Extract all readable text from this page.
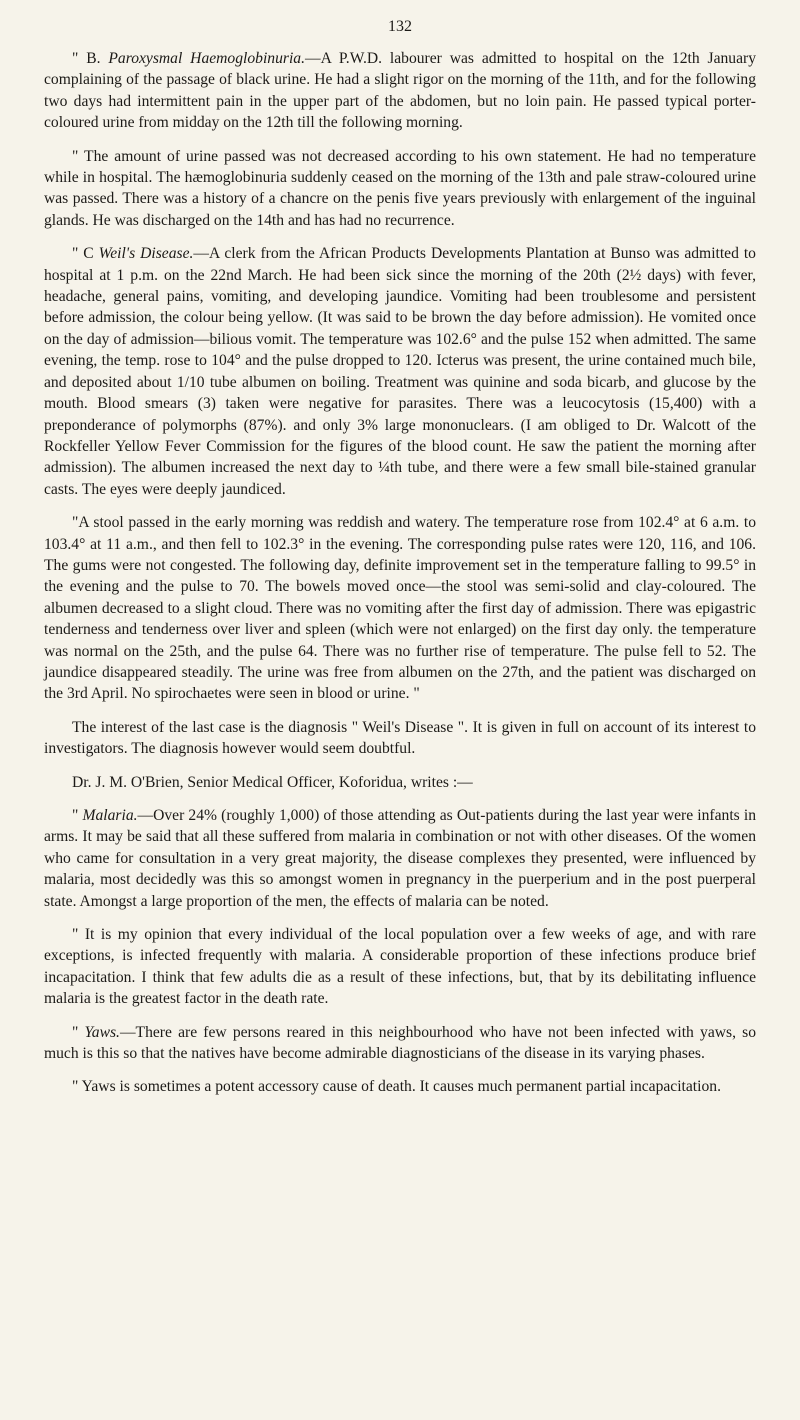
132

" B. Paroxysmal Haemoglobinuria.—A P.W.D. labourer was admitted to hospital on the 12th January complaining of the passage of black urine. He had a slight rigor on the morning of the 11th, and for the following two days had intermittent pain in the upper part of the abdomen, but no loin pain. He passed typical porter-coloured urine from midday on the 12th till the following morning.

" The amount of urine passed was not decreased according to his own statement. He had no temperature while in hospital. The hæmoglobinuria suddenly ceased on the morning of the 13th and pale straw-coloured urine was passed. There was a history of a chancre on the penis five years previously with enlargement of the inguinal glands. He was discharged on the 14th and has had no recurrence.

" C Weil's Disease.—A clerk from the African Products Developments Plantation at Bunso was admitted to hospital at 1 p.m. on the 22nd March. He had been sick since the morning of the 20th (2½ days) with fever, headache, general pains, vomiting, and developing jaundice. Vomiting had been troublesome and persistent before admission, the colour being yellow. (It was said to be brown the day before admission). He vomited once on the day of admission—bilious vomit. The temperature was 102.6° and the pulse 152 when admitted. The same evening, the temp. rose to 104° and the pulse dropped to 120. Icterus was present, the urine contained much bile, and deposited about 1/10 tube albumen on boiling. Treatment was quinine and soda bicarb, and glucose by the mouth. Blood smears (3) taken were negative for parasites. There was a leucocytosis (15,400) with a preponderance of polymorphs (87%). and only 3% large mononuclears. (I am obliged to Dr. Walcott of the Rockfeller Yellow Fever Commission for the figures of the blood count. He saw the patient the morning after admission). The albumen increased the next day to ¼th tube, and there were a few small bile-stained granular casts. The eyes were deeply jaundiced.

"A stool passed in the early morning was reddish and watery. The temperature rose from 102.4° at 6 a.m. to 103.4° at 11 a.m., and then fell to 102.3° in the evening. The corresponding pulse rates were 120, 116, and 106. The gums were not congested. The following day, definite improvement set in the temperature falling to 99.5° in the evening and the pulse to 70. The bowels moved once—the stool was semi-solid and clay-coloured. The albumen decreased to a slight cloud. There was no vomiting after the first day of admission. There was epigastric tenderness and tenderness over liver and spleen (which were not enlarged) on the first day only. the temperature was normal on the 25th, and the pulse 64. There was no further rise of temperature. The pulse fell to 52. The jaundice disappeared steadily. The urine was free from albumen on the 27th, and the patient was discharged on the 3rd April. No spirochaetes were seen in blood or urine. "

The interest of the last case is the diagnosis " Weil's Disease ". It is given in full on account of its interest to investigators. The diagnosis however would seem doubtful.

Dr. J. M. O'Brien, Senior Medical Officer, Koforidua, writes :—

" Malaria.—Over 24% (roughly 1,000) of those attending as Out-patients during the last year were infants in arms. It may be said that all these suffered from malaria in combination or not with other diseases. Of the women who came for consultation in a very great majority, the disease complexes they presented, were influenced by malaria, most decidedly was this so amongst women in pregnancy in the puerperium and in the post puerperal state. Amongst a large proportion of the men, the effects of malaria can be noted.

" It is my opinion that every individual of the local population over a few weeks of age, and with rare exceptions, is infected frequently with malaria. A considerable proportion of these infections produce brief incapacitation. I think that few adults die as a result of these infections, but, that by its debilitating influence malaria is the greatest factor in the death rate.

" Yaws.—There are few persons reared in this neighbourhood who have not been infected with yaws, so much is this so that the natives have become admirable diagnosticians of the disease in its varying phases.

" Yaws is sometimes a potent accessory cause of death. It causes much permanent partial incapacitation.
